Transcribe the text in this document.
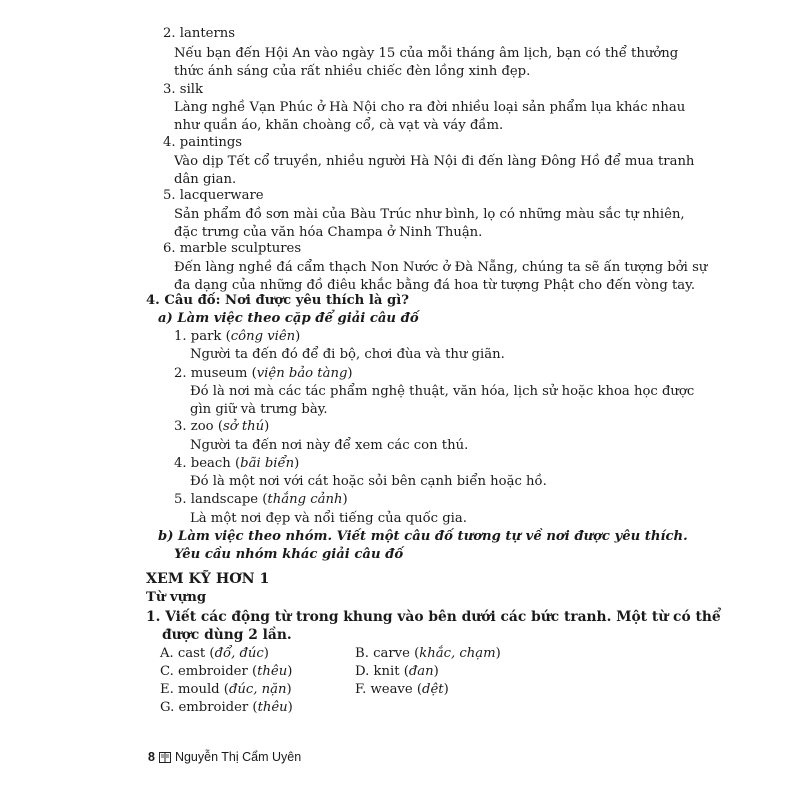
2. lanterns
Nếu bạn đến Hội An vào ngày 15 của mỗi tháng âm lịch, bạn có thể thưởng
thức ánh sáng của rất nhiều chiếc đèn lồng xinh đẹp.
3. silk
Làng nghề Vạn Phúc ở Hà Nội cho ra đời nhiều loại sản phẩm lụa khác nhau
như quần áo, khăn choàng cổ, cà vạt và váy đầm.
4. paintings
Vào dịp Tết cổ truyền, nhiều người Hà Nội đi đến làng Đông Hồ để mua tranh
dân gian.
5. lacquerware
Sản phẩm đồ sơn mài của Bàu Trúc như bình, lọ có những màu sắc tự nhiên,
đặc trưng của văn hóa Champa ở Ninh Thuận.
6. marble sculptures
Đến làng nghề đá cẩm thạch Non Nước ở Đà Nẵng, chúng ta sẽ ấn tượng bởi sự
đa dạng của những đồ điêu khắc bằng đá hoa từ tượng Phật cho đến vòng tay.
4. Câu đố: Nơi được yêu thích là gì?
a) Làm việc theo cặp để giải câu đố
1. park (công viên)
Người ta đến đó để đi bộ, chơi đùa và thư giãn.
2. museum (viện bảo tàng)
Đó là nơi mà các tác phẩm nghệ thuật, văn hóa, lịch sử hoặc khoa học được
gìn giữ và trưng bày.
3. zoo (sở thú)
Người ta đến nơi này để xem các con thú.
4. beach (bãi biển)
Đó là một nơi với cát hoặc sỏi bên cạnh biển hoặc hồ.
5. landscape (thắng cảnh)
Là một nơi đẹp và nổi tiếng của quốc gia.
b) Làm việc theo nhóm. Viết một câu đố tương tự về nơi được yêu thích.
Yêu cầu nhóm khác giải câu đố
XEM KỸ HƠN 1
Từ vựng
1. Viết các động từ trong khung vào bên dưới các bức tranh. Một từ có thể
được dùng 2 lần.
A. cast (đổ, đúc)	B. carve (khắc, chạm)
C. embroider (thêu)	D. knit (đan)
E. mould (đúc, nặn)	F. weave (dệt)
G. embroider (thêu)
8 Nguyễn Thị Cẩm Uyên
